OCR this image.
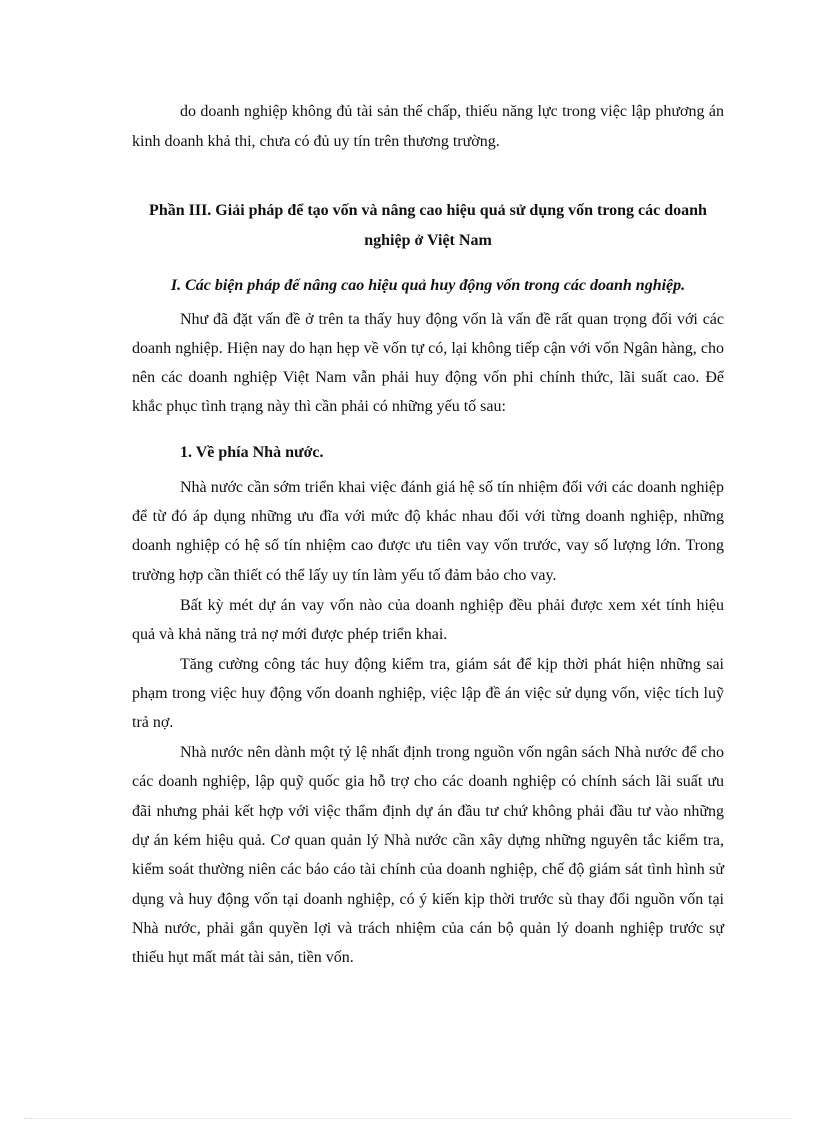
do doanh nghiệp không đủ tài sản thế chấp, thiếu năng lực trong việc lập phương án

kinh doanh khả thi, chưa có đủ uy tín trên thương trường.

Phần III. Giải pháp để tạo vốn và nâng cao hiệu quả sử dụng vốn trong các doanh

nghiệp ở Việt Nam

I. Các biện pháp để nâng cao hiệu quả huy động vốn trong các doanh nghiệp.

Như đã đặt vấn đề ở trên ta thấy huy động vốn là vấn đề rất quan trọng đối với các

doanh nghiệp. Hiện nay do hạn hẹp về vốn tự có, lại không tiếp cận với vốn Ngân hàng, cho

nên các doanh nghiệp Việt Nam vẫn phải huy động vốn phi chính thức, lãi suất cao. Để

khắc phục tình trạng này thì cần phải có những yếu tố sau:

1. Về phía Nhà nước.

Nhà nước cần sớm triển khai việc đánh giá hệ số tín nhiệm đối với các doanh nghiệp

để từ đó áp dụng những ưu đĩa với mức độ khác nhau đối với từng doanh nghiệp, những

doanh nghiệp có hệ số tín nhiệm cao được ưu tiên vay vốn trước, vay số lượng lớn. Trong

trường hợp cần thiết có thể lấy uy tín làm yếu tố đảm bảo cho vay.

Bất kỳ mét dự án vay vốn nào của doanh nghiệp đều phải được xem xét tính hiệu

quả và khả năng trả nợ mới được phép triển khai.

Tăng cường công tác huy động kiểm tra, giám sát để kịp thời phát hiện những sai

phạm trong việc huy động vốn doanh nghiệp, việc lập đề án việc sử dụng vốn, việc tích luỹ

trả nợ.

Nhà nước nên dành một tỷ lệ nhất định trong nguồn vốn ngân sách Nhà nước để cho

các doanh nghiệp, lập quỹ quốc gia hỗ trợ cho các doanh nghiệp có chính sách lãi suất ưu

đãi nhưng phải kết hợp với việc thẩm định dự án đầu tư chứ không phải đầu tư vào những

dự án kém hiệu quả. Cơ quan quản lý Nhà nước cần xây dựng những nguyên tắc kiểm tra,

kiểm soát thường niên các báo cáo tài chính của doanh nghiệp, chế độ giám sát tình hình sử

dụng và huy động vốn tại doanh nghiệp, có ý kiến kịp thời trước sù thay đổi nguồn vốn tại

Nhà nước, phải gắn quyền lợi và trách nhiệm của cán bộ quản lý doanh nghiệp trước sự

thiếu hụt mất mát tài sản, tiền vốn.
